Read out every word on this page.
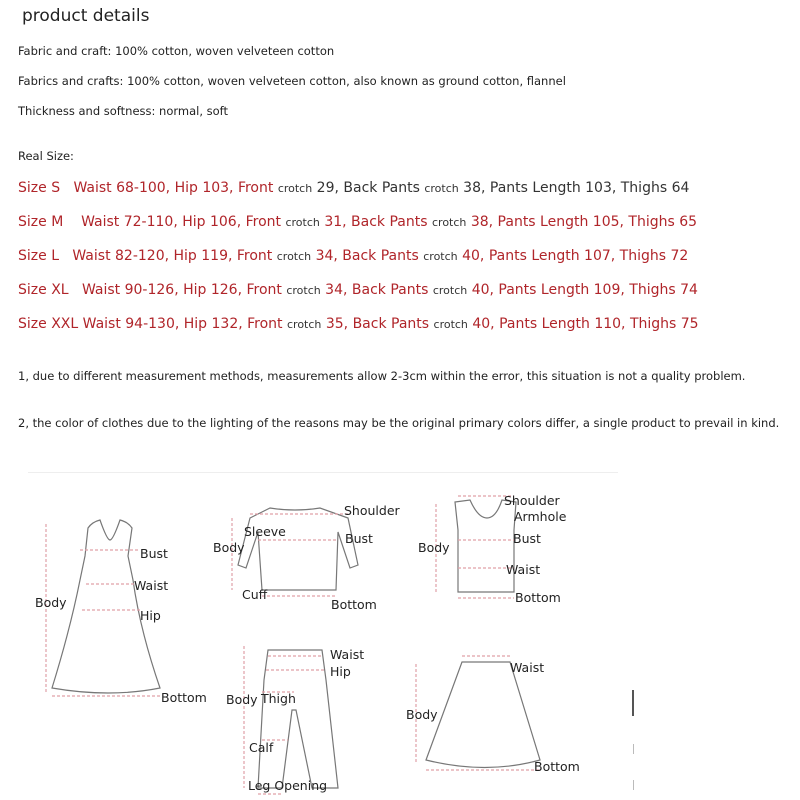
product details
Fabric and craft: 100% cotton, woven velveteen cotton
Fabrics and crafts: 100% cotton, woven velveteen cotton, also known as ground cotton, flannel
Thickness and softness: normal, soft
Real Size:
Size S Waist 68-100, Hip 103, Front crotch 29, Back Pants crotch 38, Pants Length 103, Thighs 64
Size M Waist 72-110, Hip 106, Front crotch 31, Back Pants crotch 38, Pants Length 105, Thighs 65
Size L Waist 82-120, Hip 119, Front crotch 34, Back Pants crotch 40, Pants Length 107, Thighs 72
Size XL Waist 90-126, Hip 126, Front crotch 34, Back Pants crotch 40, Pants Length 109, Thighs 74
Size XXL Waist 94-130, Hip 132, Front crotch 35, Back Pants crotch 40, Pants Length 110, Thighs 75
1, due to different measurement methods, measurements allow 2-3cm within the error, this situation is not a quality problem.
2, the color of clothes due to the lighting of the reasons may be the original primary colors differ, a single product to prevail in kind.
Body
Bust
Waist
Hip
Bottom
Sleeve
Shoulder
Body
Bust
Cuff
Bottom
Shoulder
Armhole
Body
Bust
Waist
Bottom
Waist
Hip
Body Thigh
Calf
Leg Opening
Waist
Body
Bottom
